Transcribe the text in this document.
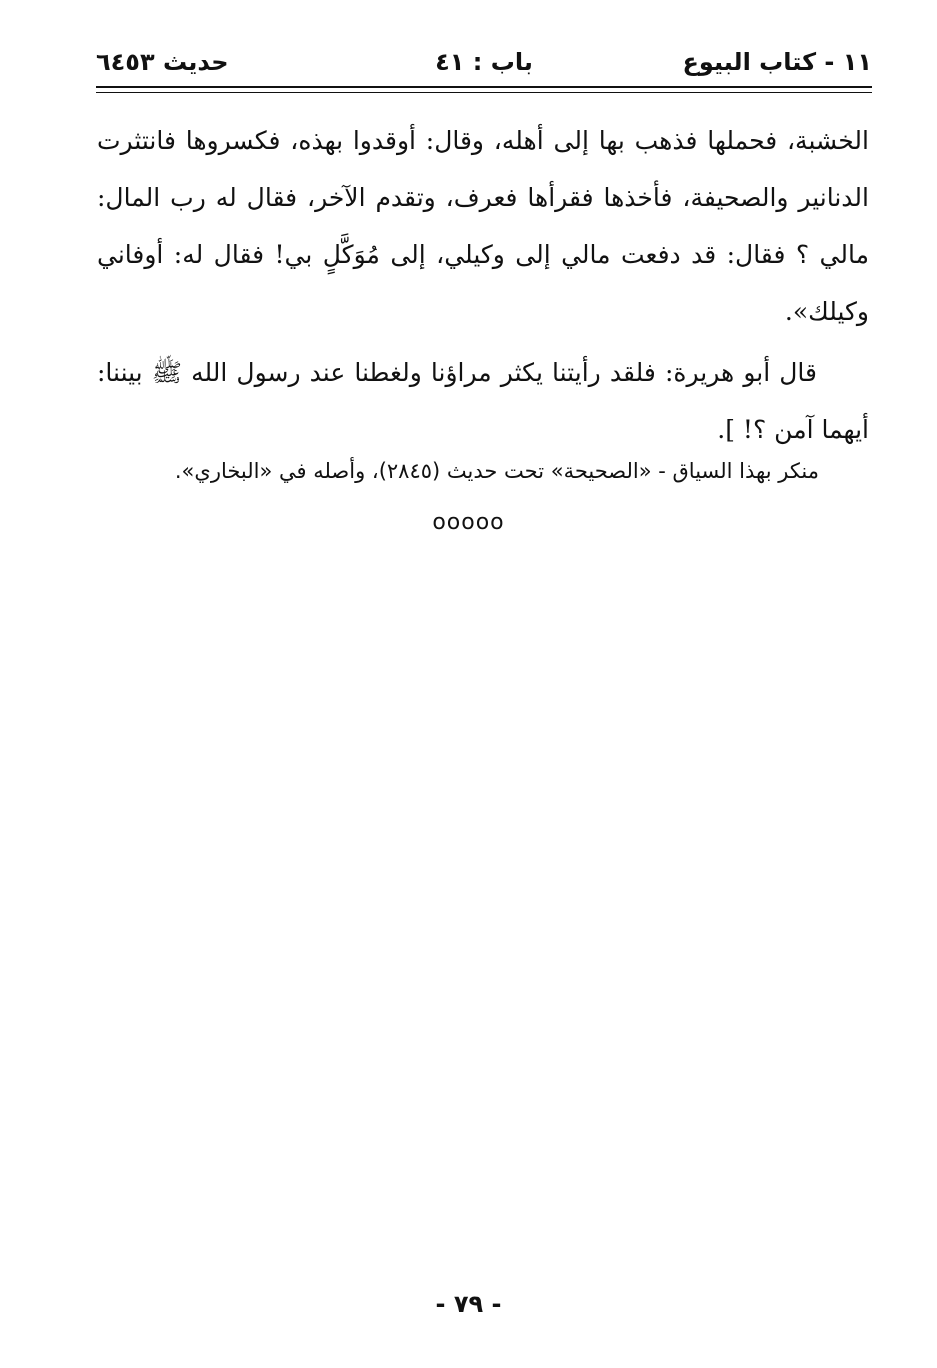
١١ - كتاب البيوع
باب : ٤١
حديث ٦٤٥٣

الخشبة، فحملها فذهب بها إلى أهله، وقال: أوقدوا بهذه، فكسروها فانتثرت الدنانير والصحيفة، فأخذها فقرأها فعرف، وتقدم الآخر، فقال له رب المال: مالي ؟ فقال: قد دفعت مالي إلى وكيلي، إلى مُوَكَّلٍ بي! فقال له: أوفاني وكيلك».

قال أبو هريرة: فلقد رأيتنا يكثر مراؤنا ولغطنا عند رسول الله ﷺ بيننا: أيهما آمن ؟! ].

منكر بهذا السياق - «الصحيحة» تحت حديث (٢٨٤٥)، وأصله في «البخاري».
ooooo
- ٧٩ -
